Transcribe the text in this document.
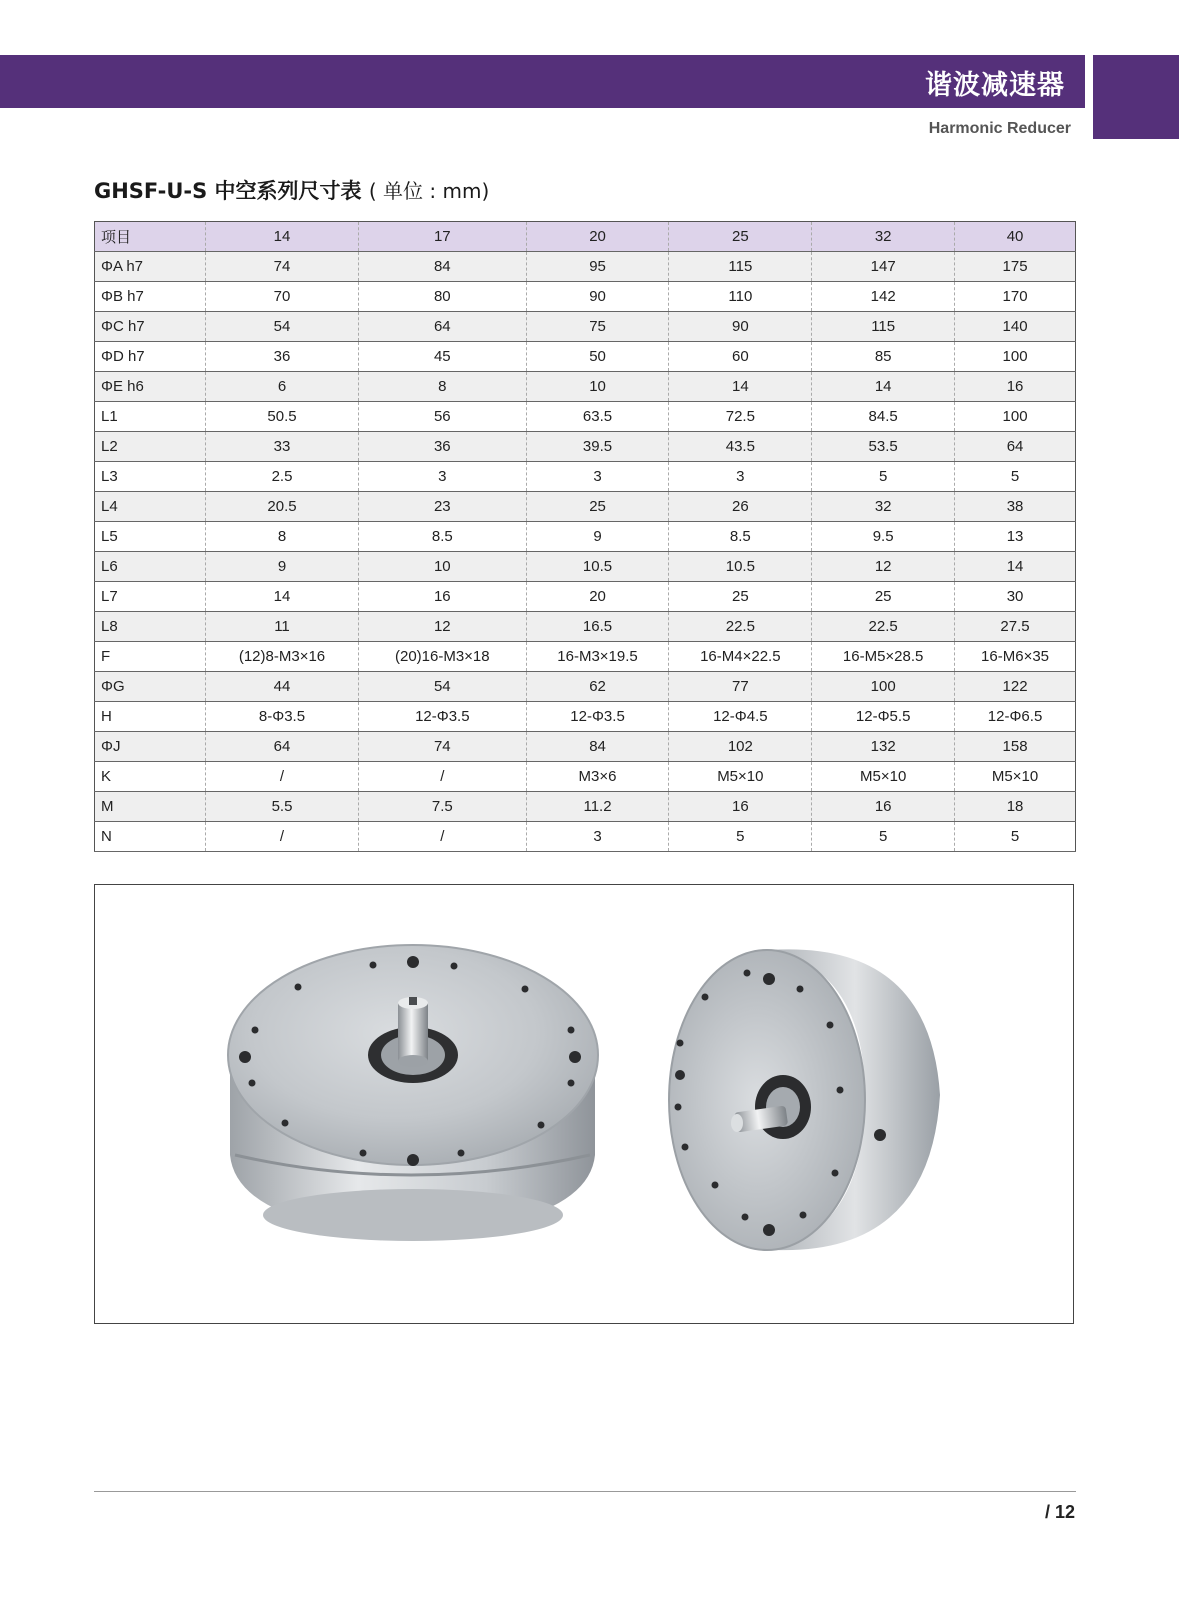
谐波减速器
Harmonic Reducer
GHSF-U-S 中空系列尺寸表 ( 单位 : mm)
项目	14	17	20	25	32	40
ΦA h7	74	84	95	115	147	175
ΦB h7	70	80	90	110	142	170
ΦC h7	54	64	75	90	115	140
ΦD h7	36	45	50	60	85	100
ΦE h6	6	8	10	14	14	16
L1	50.5	56	63.5	72.5	84.5	100
L2	33	36	39.5	43.5	53.5	64
L3	2.5	3	3	3	5	5
L4	20.5	23	25	26	32	38
L5	8	8.5	9	8.5	9.5	13
L6	9	10	10.5	10.5	12	14
L7	14	16	20	25	25	30
L8	11	12	16.5	22.5	22.5	27.5
F	(12)8-M3×16	(20)16-M3×18	16-M3×19.5	16-M4×22.5	16-M5×28.5	16-M6×35
ΦG	44	54	62	77	100	122
H	8-Φ3.5	12-Φ3.5	12-Φ3.5	12-Φ4.5	12-Φ5.5	12-Φ6.5
ΦJ	64	74	84	102	132	158
K	/	/	M3×6	M5×10	M5×10	M5×10
M	5.5	7.5	11.2	16	16	18
N	/	/	3	5	5	5
/ 12
